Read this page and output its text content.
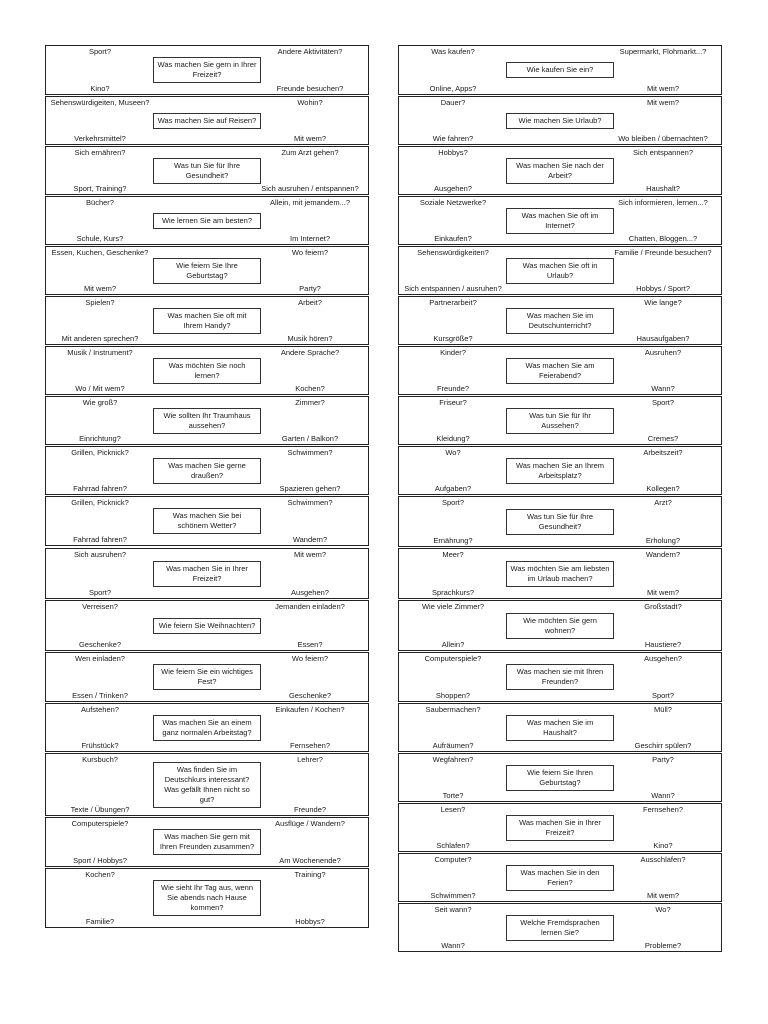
Sport?	Andere Aktivitäten?
Was machen Sie gern in Ihrer Freizeit?
Kino?	Freunde besuchen?
Sehenswürdigeiten, Museen?	Wohin?
Was machen Sie auf Reisen?
Verkehrsmittel?	Mit wem?
Sich ernähren?	Zum Arzt gehen?
Was tun Sie für Ihre Gesundheit?
Sport, Training?	Sich ausruhen / entspannen?
Bücher?	Allein, mit jemandem...?
Wie lernen Sie am besten?
Schule, Kurs?	Im Internet?
Essen, Kuchen, Geschenke?	Wo feiern?
Wie feiern Sie Ihre Geburtstag?
Mit wem?	Party?
Spielen?	Arbeit?
Was machen Sie oft mit Ihrem Handy?
Mit anderen sprechen?	Musik hören?
Musik / Instrument?	Andere Sprache?
Was möchten Sie noch lernen?
Wo / Mit wem?	Kochen?
Wie groß?	Zimmer?
Wie sollten Ihr Traumhaus aussehen?
Einrichtung?	Garten / Balkon?
Grillen, Picknick?	Schwimmen?
Was machen Sie gerne draußen?
Fahrrad fahren?	Spazieren gehen?
Grillen, Picknick?	Schwimmen?
Was machen Sie bei schönem Wetter?
Fahrrad fahren?	Wandern?
Sich ausruhen?	Mit wem?
Was machen Sie in Ihrer Freizeit?
Sport?	Ausgehen?
Verreisen?	Jemanden einladen?
Wie feiern Sie Weihnachten?
Geschenke?	Essen?
Wen einladen?	Wo feiern?
Wie feiern Sie ein wichtiges Fest?
Essen / Trinken?	Geschenke?
Aufstehen?	Einkaufen / Kochen?
Was machen Sie an einem ganz normalen Arbeitstag?
Frühstück?	Fernsehen?
Kursbuch?	Lehrer?
Was finden Sie im Deutschkurs interessant? Was gefällt Ihnen nicht so gut?
Texte / Übungen?	Freunde?
Computerspiele?	Ausflüge / Wandern?
Was machen Sie gern mit Ihren Freunden zusammen?
Sport / Hobbys?	Am Wochenende?
Kochen?	Training?
Wie sieht Ihr Tag aus, wenn Sie abends nach Hause kommen?
Familie?	Hobbys?
Was kaufen?	Supermarkt, Flohmarkt...?
Wie kaufen Sie ein?
Online, Apps?	Mit wem?
Dauer?	Mit wem?
Wie machen Sie Urlaub?
Wie fahren?	Wo bleiben / übernachten?
Hobbys?	Sich entspannen?
Was machen Sie nach der Arbeit?
Ausgehen?	Haushalt?
Soziale Netzwerke?	Sich informieren, lernen...?
Was machen Sie oft im Internet?
Einkaufen?	Chatten, Bloggen...?
Sehenswürdigkeiten?	Familie / Freunde besuchen?
Was machen Sie oft in Urlaub?
Sich entspannen / ausruhen?	Hobbys / Sport?
Partnerarbeit?	Wie lange?
Was machen Sie im Deutschunterricht?
Kursgröße?	Hausaufgaben?
Kinder?	Ausruhen?
Was machen Sie am Feierabend?
Freunde?	Wann?
Friseur?	Sport?
Was tun Sie für Ihr Aussehen?
Kleidung?	Cremes?
Wo?	Arbeitszeit?
Was machen Sie an Ihrem Arbeitsplatz?
Aufgaben?	Kollegen?
Sport?	Arzt?
Was tun Sie für Ihre Gesundheit?
Ernährung?	Erholung?
Meer?	Wandern?
Was möchten Sie am liebsten im Urlaub machen?
Sprachkurs?	Mit wem?
Wie viele Zimmer?	Großstadt?
Wie möchten Sie gern wohnen?
Allein?	Haustiere?
Computerspiele?	Ausgehen?
Was machen sie mit Ihren Freunden?
Shoppen?	Sport?
Saubermachen?	Müll?
Was machen Sie im Haushalt?
Aufräumen?	Geschirr spülen?
Wegfahren?	Party?
Wie feiern Sie Ihren Geburtstag?
Torte?	Wann?
Lesen?	Fernsehen?
Was machen Sie in Ihrer Freizeit?
Schlafen?	Kino?
Computer?	Ausschlafen?
Was machen Sie in den Ferien?
Schwimmen?	Mit wem?
Seit wann?	Wo?
Welche Fremdsprachen lernen Sie?
Wann?	Probleme?
